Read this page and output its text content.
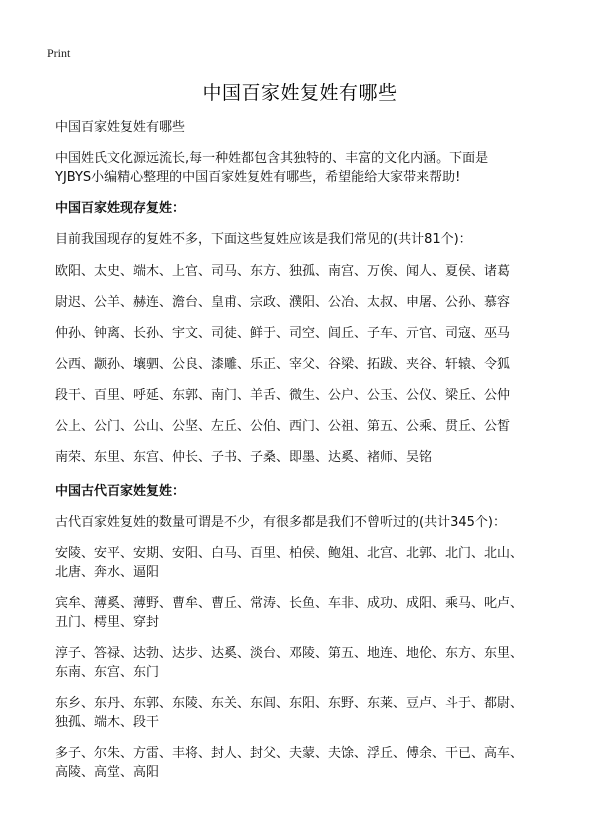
Print
中国百家姓复姓有哪些

中国百家姓复姓有哪些

中国姓氏文化源远流长,每一种姓都包含其独特的、丰富的文化内涵。下面是

YJBYS小编精心整理的中国百家姓复姓有哪些，希望能给大家带来帮助!

中国百家姓现存复姓：

目前我国现存的复姓不多，下面这些复姓应该是我们常见的(共计81个)：

欧阳、太史、端木、上官、司马、东方、独孤、南宫、万俟、闻人、夏侯、诸葛

尉迟、公羊、赫连、澹台、皇甫、宗政、濮阳、公冶、太叔、申屠、公孙、慕容

仲孙、钟离、长孙、宇文、司徒、鲜于、司空、闾丘、子车、亓官、司寇、巫马

公西、颛孙、壤驷、公良、漆雕、乐正、宰父、谷梁、拓跋、夹谷、轩辕、令狐

段干、百里、呼延、东郭、南门、羊舌、微生、公户、公玉、公仪、梁丘、公仲

公上、公门、公山、公坚、左丘、公伯、西门、公祖、第五、公乘、贯丘、公皙

南荣、东里、东宫、仲长、子书、子桑、即墨、达奚、褚师、吴铭

中国古代百家姓复姓：

古代百家姓复姓的数量可谓是不少，有很多都是我们不曾听过的(共计345个)：

安陵、安平、安期、安阳、白马、百里、柏侯、鲍俎、北宫、北郭、北门、北山、

北唐、奔水、逼阳

宾牟、薄奚、薄野、曹牟、曹丘、常涛、长鱼、车非、成功、成阳、乘马、叱卢、

丑门、樗里、穿封

淳子、答禄、达勃、达步、达奚、淡台、邓陵、第五、地连、地伦、东方、东里、

东南、东宫、东门

东乡、东丹、东郭、东陵、东关、东闾、东阳、东野、东莱、豆卢、斗于、都尉、

独孤、端木、段干

多子、尔朱、方雷、丰将、封人、封父、夫蒙、夫馀、浮丘、傅余、干已、高车、

高陵、高堂、高阳
